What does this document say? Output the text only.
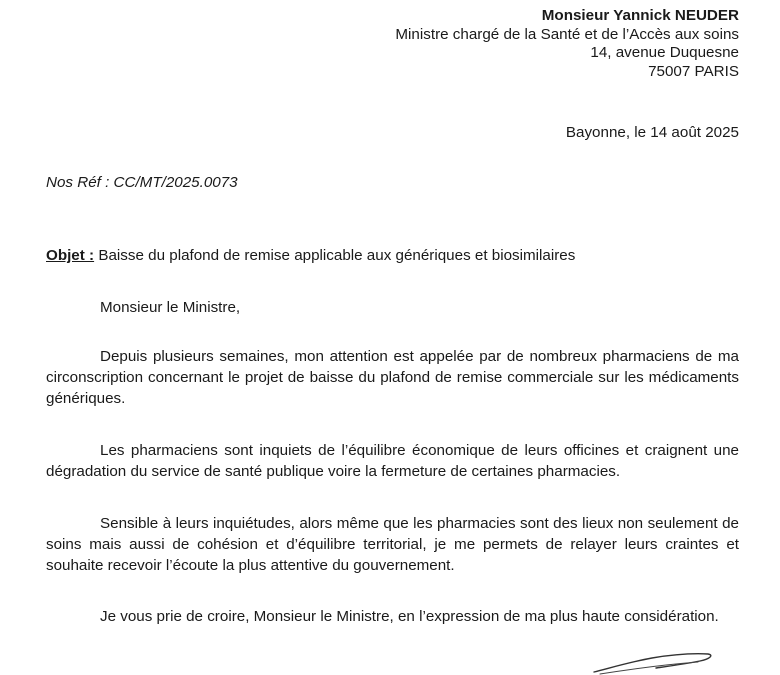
Monsieur Yannick NEUDER
Ministre chargé de la Santé et de l’Accès aux soins
14, avenue Duquesne
75007 PARIS
Bayonne, le 14 août 2025
Nos Réf : CC/MT/2025.0073
Objet : Baisse du plafond de remise applicable aux génériques et biosimilaires
Monsieur le Ministre,

Depuis plusieurs semaines, mon attention est appelée par de nombreux pharmaciens de ma circonscription concernant le projet de baisse du plafond de remise commerciale sur les médicaments génériques.

Les pharmaciens sont inquiets de l’équilibre économique de leurs officines et craignent une dégradation du service de santé publique voire la fermeture de certaines pharmacies.

Sensible à leurs inquiétudes, alors même que les pharmacies sont des lieux non seulement de soins mais aussi de cohésion et d’équilibre territorial, je me permets de relayer leurs craintes et souhaite recevoir l’écoute la plus attentive du gouvernement.

Je vous prie de croire, Monsieur le Ministre, en l’expression de ma plus haute considération.
